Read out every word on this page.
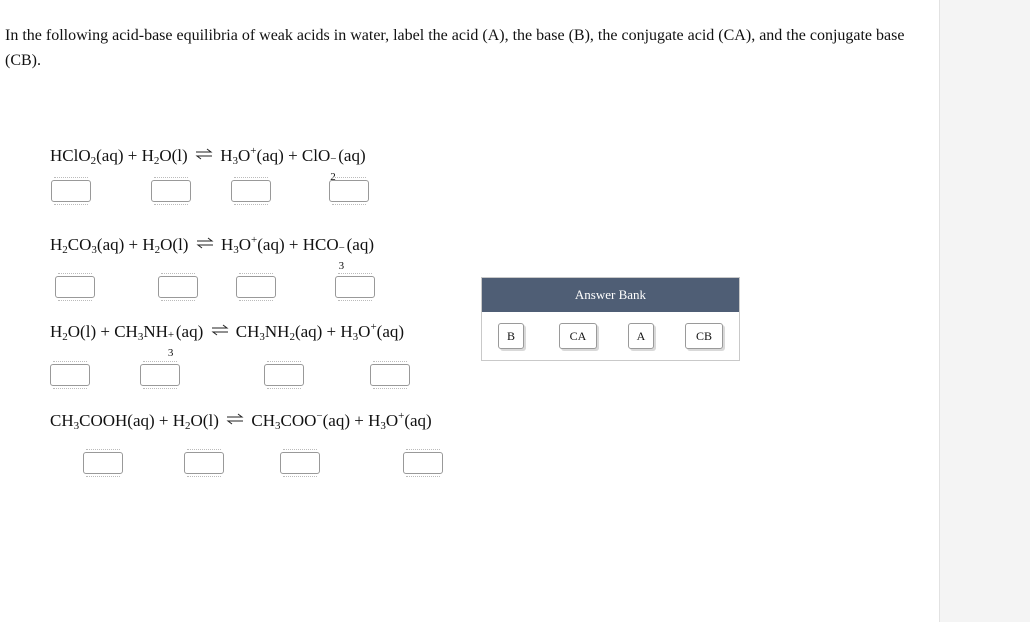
In the following acid-base equilibria of weak acids in water, label the acid (A), the base (B), the conjugate acid (CA), and the conjugate base (CB).
HClO$_2$(aq) + $H_2O(l)$ ⇌ $H_3O^+(aq)$ + ClO − (aq)
$H_2CO_3(aq) + H_2O(l)$ ⇌ $H_3O^+(aq)$ + HCO −
3
(aq)
$H_2O(l) + CH_3NH$ +
3
(aq) ⇌ $CH_3NH_2(aq) + H_3O^+(aq)$
$CH_3COOH(aq) + H_2O(l)$ ⇌ $CH_3COO^-(aq) + H_3O^+(aq)$
Answer Bank
B	CA	A	CB
